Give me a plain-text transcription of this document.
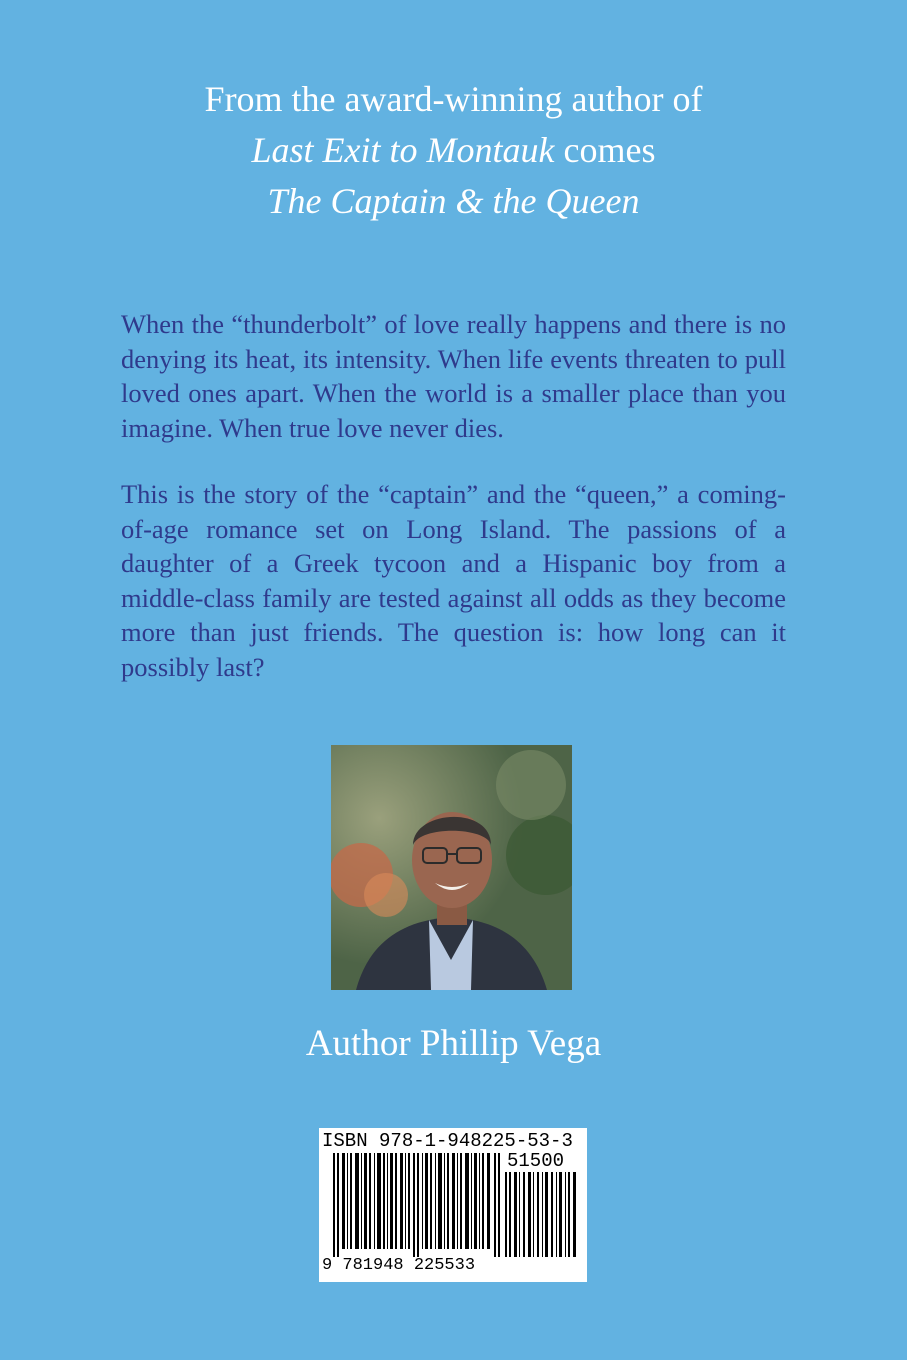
From the award-winning author of
Last Exit to Montauk comes
The Captain & the Queen

When the “thunderbolt” of love really happens and there is no denying its heat, its intensity. When life events threaten to pull loved ones apart. When the world is a smaller place than you imagine. When true love never dies.

This is the story of the “captain” and the “queen,” a coming-of-age romance set on Long Island. The passions of a daughter of a Greek tycoon and a Hispanic boy from a middle-class family are tested against all odds as they become more than just friends. The question is: how long can it possibly last?

Author Phillip Vega
ISBN 978-1-948225-53-3
51500
9 781948 225533
